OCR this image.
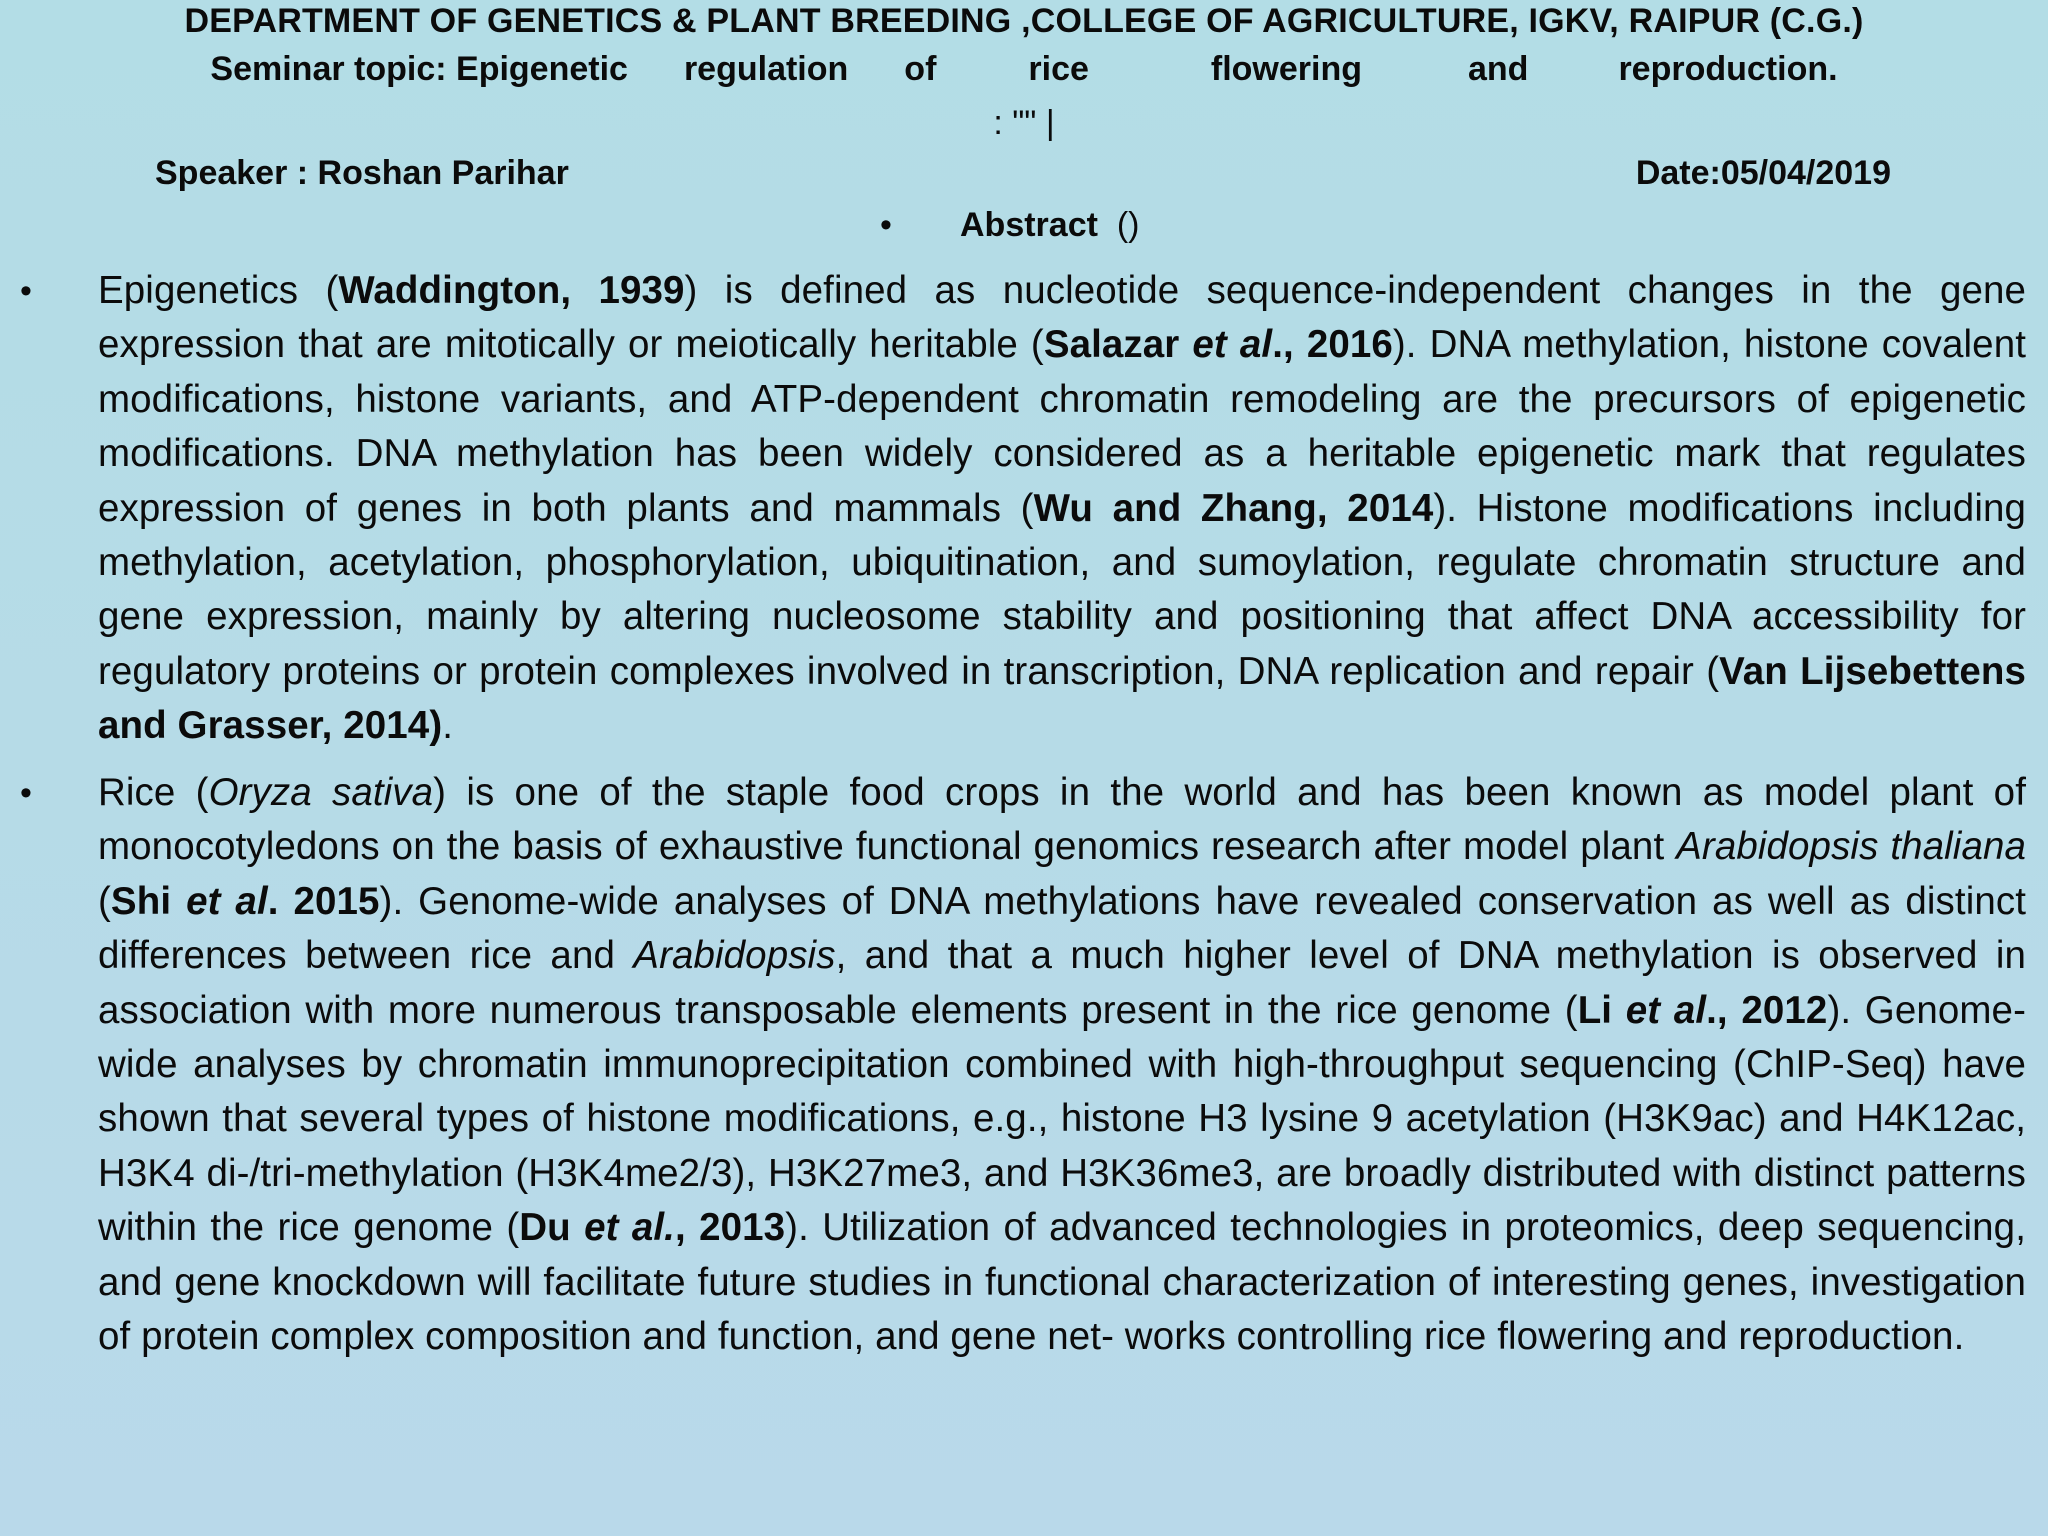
DEPARTMENT OF GENETICS & PLANT BREEDING ,COLLEGE OF AGRICULTURE, IGKV, RAIPUR (C.G.)
Seminar topic: Epigenetic regulation of	rice	flowering	and	reproduction.
: "" |
Speaker : Roshan Parihar	Date:05/04/2019
• Abstract ()
• Epigenetics (Waddington, 1939) is defined as nucleotide sequence-independent changes in the gene expression that are mitotically or meiotically heritable (Salazar et al., 2016). DNA methylation, histone covalent modifications, histone variants, and ATP-dependent chromatin remodeling are the precursors of epigenetic modifications. DNA methylation has been widely considered as a heritable epigenetic mark that regulates expression of genes in both plants and mammals (Wu and Zhang, 2014). Histone modifications including methylation, acetylation, phosphorylation, ubiquitination, and sumoylation, regulate chromatin structure and gene expression, mainly by altering nucleosome stability and positioning that affect DNA accessibility for regulatory proteins or protein complexes involved in transcription, DNA replication and repair (Van Lijsebettens and Grasser, 2014).
• Rice (Oryza sativa) is one of the staple food crops in the world and has been known as model plant of monocotyledons on the basis of exhaustive functional genomics research after model plant Arabidopsis thaliana (Shi et al. 2015). Genome-wide analyses of DNA methylations have revealed conservation as well as distinct differences between rice and Arabidopsis, and that a much higher level of DNA methylation is observed in association with more numerous transposable elements present in the rice genome (Li et al., 2012). Genome-wide analyses by chromatin immunoprecipitation combined with high-throughput sequencing (ChIP-Seq) have shown that several types of histone modifications, e.g., histone H3 lysine 9 acetylation (H3K9ac) and H4K12ac, H3K4 di-/tri-methylation (H3K4me2/3), H3K27me3, and H3K36me3, are broadly distributed with distinct patterns within the rice genome (Du et al., 2013). Utilization of advanced technologies in proteomics, deep sequencing, and gene knockdown will facilitate future studies in functional characterization of interesting genes, investigation of protein complex composition and function, and gene net- works controlling rice flowering and reproduction.
